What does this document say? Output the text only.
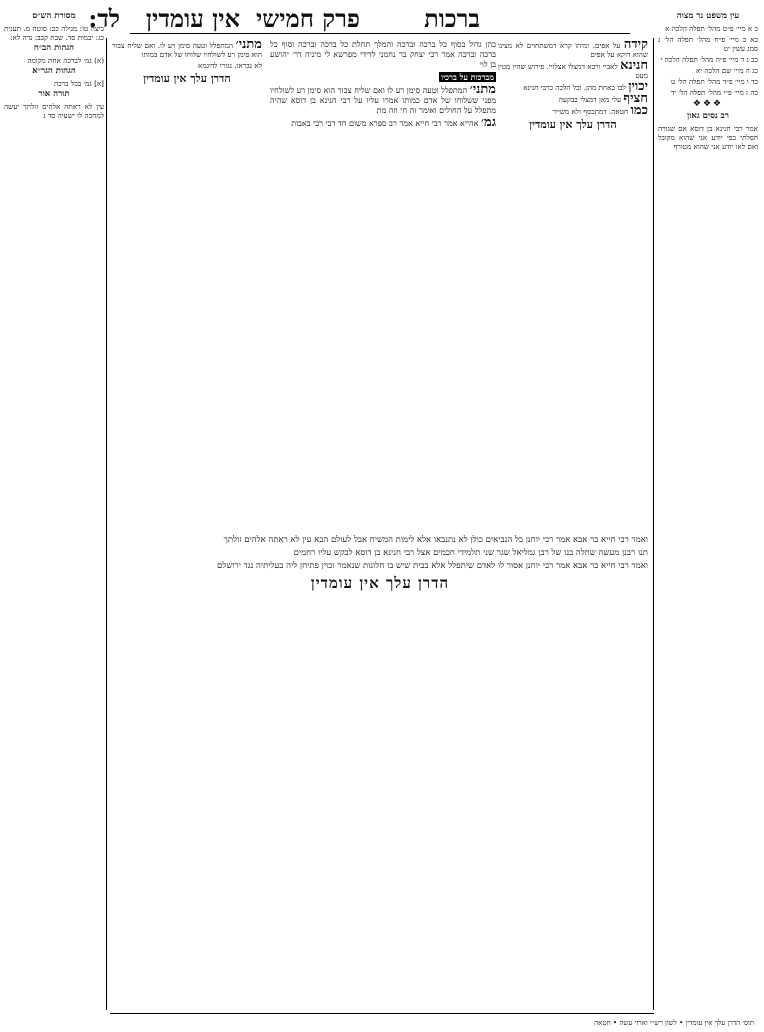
ברכות
פרק חמישי
אין עומדין
לד:	עין משפט נר מצוה

כ א מיי׳ פ״ט מהל׳ תפלה הלכה א

כא ב מיי׳ פ״ח מהל׳ תפלה הל׳ ג סמג עשין יט

כב ג ד מיי׳ פ״ה מהל׳ תפלה הלכה י

כג ה מיי׳ שם הלכה יא

כד ו מיי׳ פ״ד מהל׳ תפלה הל׳ ט

כה ז מיי׳ פ״י מהל׳ תפלה הל׳ יד

❖❖❖
רב נסים גאון

אמר רבי חנינא בן דוסא אם שגורה תפלתי בפי יודע אני שהוא מקובל ואם לאו יודע אני שהוא מטורף

מסורת הש״ס

ביצה טו: מגילה כב: סוטה מ. תענית כג: יבמות סד. שבת קכב: נדה לא:

הגהות הב״ח

(א) גמ׳ לברכה אחת מקומה

הגהות הגר״א

[א] גמ׳ בכל ברכה

תורה אור

עין לא ראתה אלהים זולתך יעשה למחכה לו ישעיה סד ג

קידה על אפים. ומיהו קרא דמשתחוים לא מצינו שהוא דוקא על אפים

חנינא לאביי ורבא דמצלו אצלויי. פירוש שהיו מטין מעט

יכוין לבו באחת מהן. וכל הלכה כרבי חנינא

חציף עלי מאן דמצלי בבקעה

כמו חטאה. דמתכסף ולא משייר

הדרן עלך אין עומדין

מתני׳ המתפלל וטעה סימן רע לו. ואם שליח צבור הוא סימן רע לשולחיו שלוחו של אדם כמותו

לא נבראו. נגזרו לדוגמא

הדרן עלך אין עומדין

כהן גדול בסוף כל ברכה וברכה והמלך תחלת כל ברכה וברכה וסוף כל ברכה וברכה אמר רבי יצחק בר נחמני לדידי מפרשא לי מיניה דר׳ יהושע בן לוי

מברכות על ברכיו

מתני׳ המתפלל וטעה סימן רע לו ואם שליח צבור הוא סימן רע לשולחיו מפני ששלוחו של אדם כמותו אמרו עליו על רבי חנינא בן דוסא שהיה מתפלל על החולים ואומר זה חי וזה מת

גמ׳ אהייא אמר רבי חייא אמר רב ספרא משום חד דבי רבי באבות

ואמר רבי חייא בר אבא אמר רבי יוחנן כל הנביאים כולן לא נתנבאו אלא לימות המשיח אבל לעולם הבא עין לא ראתה אלהים זולתך

תנו רבנן מעשה שחלה בנו של רבן גמליאל שגר שני תלמידי חכמים אצל רבי חנינא בן דוסא לבקש עליו רחמים

ואמר רבי חייא בר אבא אמר רבי יוחנן אסור לו לאדם שיתפלל אלא בבית שיש בו חלונות שנאמר וכוין פתיחן ליה בעליתיה נגד ירושלם

הדרן עלך אין עומדין
תוס׳ הדרן עלך אין עומדין • לשון רש״י וארזי עשה • חטאה
